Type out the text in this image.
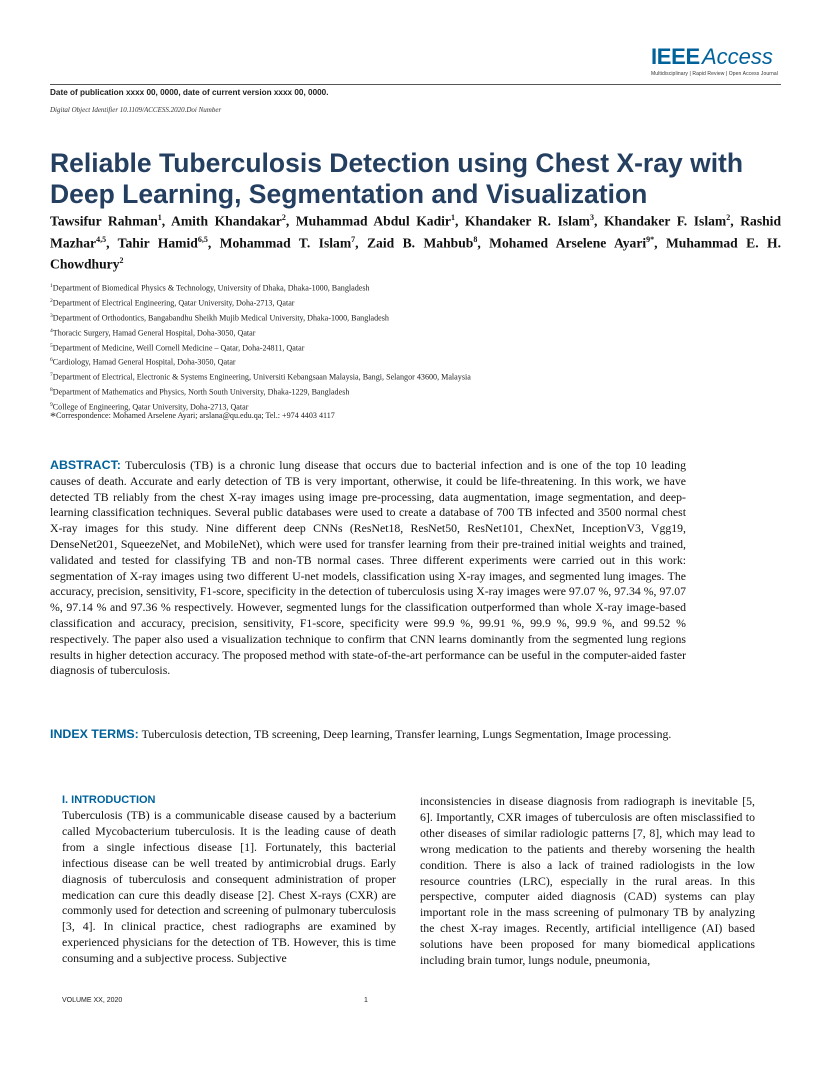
IEEEAccess
Multidisciplinary | Rapid Review | Open Access Journal
Date of publication xxxx 00, 0000, date of current version xxxx 00, 0000.
Digital Object Identifier 10.1109/ACCESS.2020.Doi Number
Reliable Tuberculosis Detection using Chest X-ray with Deep Learning, Segmentation and Visualization
Tawsifur Rahman$^1$, Amith Khandakar$^2$, Muhammad Abdul Kadir$^1$, Khandaker R. Islam$^3$, Khandaker F. Islam$^2$, Rashid Mazhar$^{4,5}$, Tahir Hamid$^{6,5}$, Mohammad T. Islam$^7$, Zaid B. Mahbub$^8$, Mohamed Arselene Ayari$^{9*}$, Muhammad E. H. Chowdhury$^2$
$^1$Department of Biomedical Physics & Technology, University of Dhaka, Dhaka-1000, Bangladesh
$^2$Department of Electrical Engineering, Qatar University, Doha-2713, Qatar
$^3$Department of Orthodontics, Bangabandhu Sheikh Mujib Medical University, Dhaka-1000, Bangladesh
$^4$Thoracic Surgery, Hamad General Hospital, Doha-3050, Qatar
$^5$Department of Medicine, Weill Cornell Medicine – Qatar, Doha-24811, Qatar
$^6$Cardiology, Hamad General Hospital, Doha-3050, Qatar
$^7$Department of Electrical, Electronic & Systems Engineering, Universiti Kebangsaan Malaysia, Bangi, Selangor 43600, Malaysia
$^8$Department of Mathematics and Physics, North South University, Dhaka-1229, Bangladesh
$^9$College of Engineering, Qatar University, Doha-2713, Qatar
*Correspondence: Mohamed Arselene Ayari; arslana@qu.edu.qa; Tel.: +974 4403 4117

ABSTRACT: Tuberculosis (TB) is a chronic lung disease that occurs due to bacterial infection and is one of the top 10 leading causes of death. Accurate and early detection of TB is very important, otherwise, it could be life-threatening. In this work, we have detected TB reliably from the chest X-ray images using image pre-processing, data augmentation, image segmentation, and deep-learning classification techniques. Several public databases were used to create a database of 700 TB infected and 3500 normal chest X-ray images for this study. Nine different deep CNNs (ResNet18, ResNet50, ResNet101, ChexNet, InceptionV3, Vgg19, DenseNet201, SqueezeNet, and MobileNet), which were used for transfer learning from their pre-trained initial weights and trained, validated and tested for classifying TB and non-TB normal cases. Three different experiments were carried out in this work: segmentation of X-ray images using two different U-net models, classification using X-ray images, and segmented lung images. The accuracy, precision, sensitivity, F1-score, specificity in the detection of tuberculosis using X-ray images were 97.07 %, 97.34 %, 97.07 %, 97.14 % and 97.36 % respectively. However, segmented lungs for the classification outperformed than whole X-ray image-based classification and accuracy, precision, sensitivity, F1-score, specificity were 99.9 %, 99.91 %, 99.9 %, 99.9 %, and 99.52 % respectively. The paper also used a visualization technique to confirm that CNN learns dominantly from the segmented lung regions results in higher detection accuracy. The proposed method with state-of-the-art performance can be useful in the computer-aided faster diagnosis of tuberculosis.

INDEX TERMS: Tuberculosis detection, TB screening, Deep learning, Transfer learning, Lungs Segmentation, Image processing.

I. INTRODUCTION

Tuberculosis (TB) is a communicable disease caused by a bacterium called Mycobacterium tuberculosis. It is the leading cause of death from a single infectious disease [1]. Fortunately, this bacterial infectious disease can be well treated by antimicrobial drugs. Early diagnosis of tuberculosis and consequent administration of proper medication can cure this deadly disease [2]. Chest X-rays (CXR) are commonly used for detection and screening of pulmonary tuberculosis [3, 4]. In clinical practice, chest radiographs are examined by experienced physicians for the detection of TB. However, this is time consuming and a subjective process. Subjective

inconsistencies in disease diagnosis from radiograph is inevitable [5, 6]. Importantly, CXR images of tuberculosis are often misclassified to other diseases of similar radiologic patterns [7, 8], which may lead to wrong medication to the patients and thereby worsening the health condition. There is also a lack of trained radiologists in the low resource countries (LRC), especially in the rural areas. In this perspective, computer aided diagnosis (CAD) systems can play important role in the mass screening of pulmonary TB by analyzing the chest X-ray images. Recently, artificial intelligence (AI) based solutions have been proposed for many biomedical applications including brain tumor, lungs nodule, pneumonia,

VOLUME XX, 2020	1
